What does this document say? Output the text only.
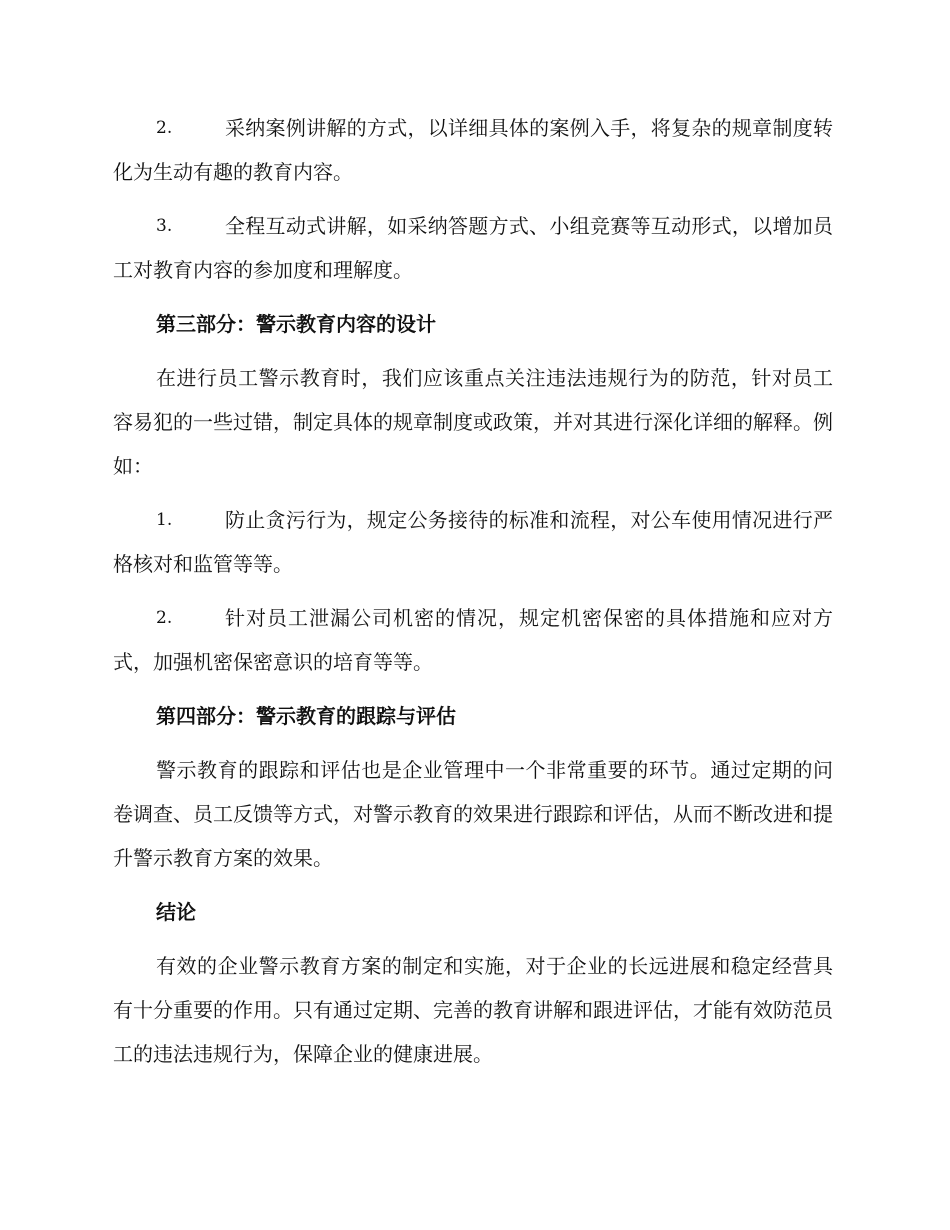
2.	采纳案例讲解的方式，以详细具体的案例入手，将复杂的规章制度转化为生动有趣的教育内容。

3.	全程互动式讲解，如采纳答题方式、小组竞赛等互动形式，以增加员工对教育内容的参加度和理解度。

第三部分：警示教育内容的设计

在进行员工警示教育时，我们应该重点关注违法违规行为的防范，针对员工容易犯的一些过错，制定具体的规章制度或政策，并对其进行深化详细的解释。例如：

1.	防止贪污行为，规定公务接待的标准和流程，对公车使用情况进行严格核对和监管等等。

2.	针对员工泄漏公司机密的情况，规定机密保密的具体措施和应对方式，加强机密保密意识的培育等等。

第四部分：警示教育的跟踪与评估

警示教育的跟踪和评估也是企业管理中一个非常重要的环节。通过定期的问卷调查、员工反馈等方式，对警示教育的效果进行跟踪和评估，从而不断改进和提升警示教育方案的效果。

结论

有效的企业警示教育方案的制定和实施，对于企业的长远进展和稳定经营具有十分重要的作用。只有通过定期、完善的教育讲解和跟进评估，才能有效防范员工的违法违规行为，保障企业的健康进展。
